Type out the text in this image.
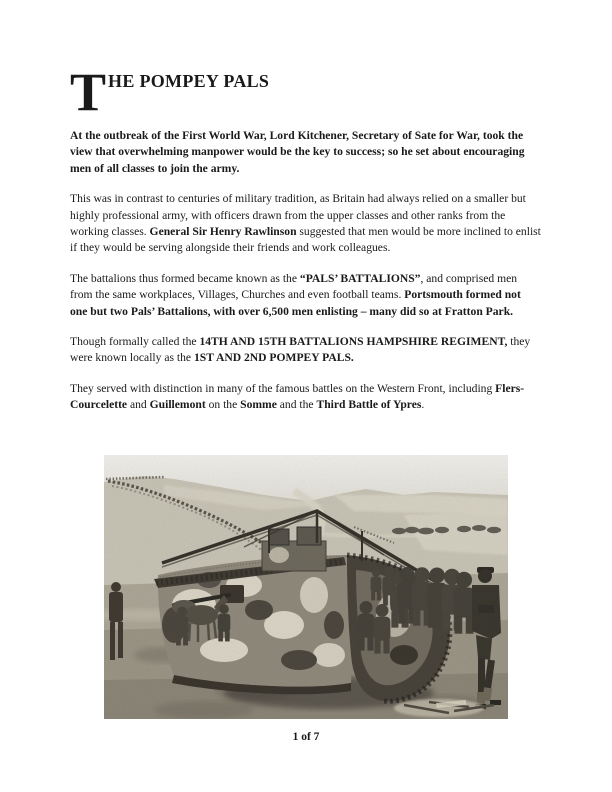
T HE POMPEY PALS

At the outbreak of the First World War, Lord Kitchener, Secretary of Sate for War, took the view that overwhelming manpower would be the key to success; so he set about encouraging men of all classes to join the army.

This was in contrast to centuries of military tradition, as Britain had always relied on a smaller but highly professional army, with officers drawn from the upper classes and other ranks from the working classes. General Sir Henry Rawlinson suggested that men would be more inclined to enlist if they would be serving alongside their friends and work colleagues.

The battalions thus formed became known as the “PALS’ BATTALIONS”, and comprised men from the same workplaces, Villages, Churches and even football teams. Portsmouth formed not one but two Pals’ Battalions, with over 6,500 men enlisting – many did so at Fratton Park.

Though formally called the 14TH AND 15TH BATTALIONS HAMPSHIRE REGIMENT, they were known locally as the 1ST AND 2ND POMPEY PALS.

They served with distinction in many of the famous battles on the Western Front, including Flers-Courcelette and Guillemont on the Somme and the Third Battle of Ypres.

1 of 7
